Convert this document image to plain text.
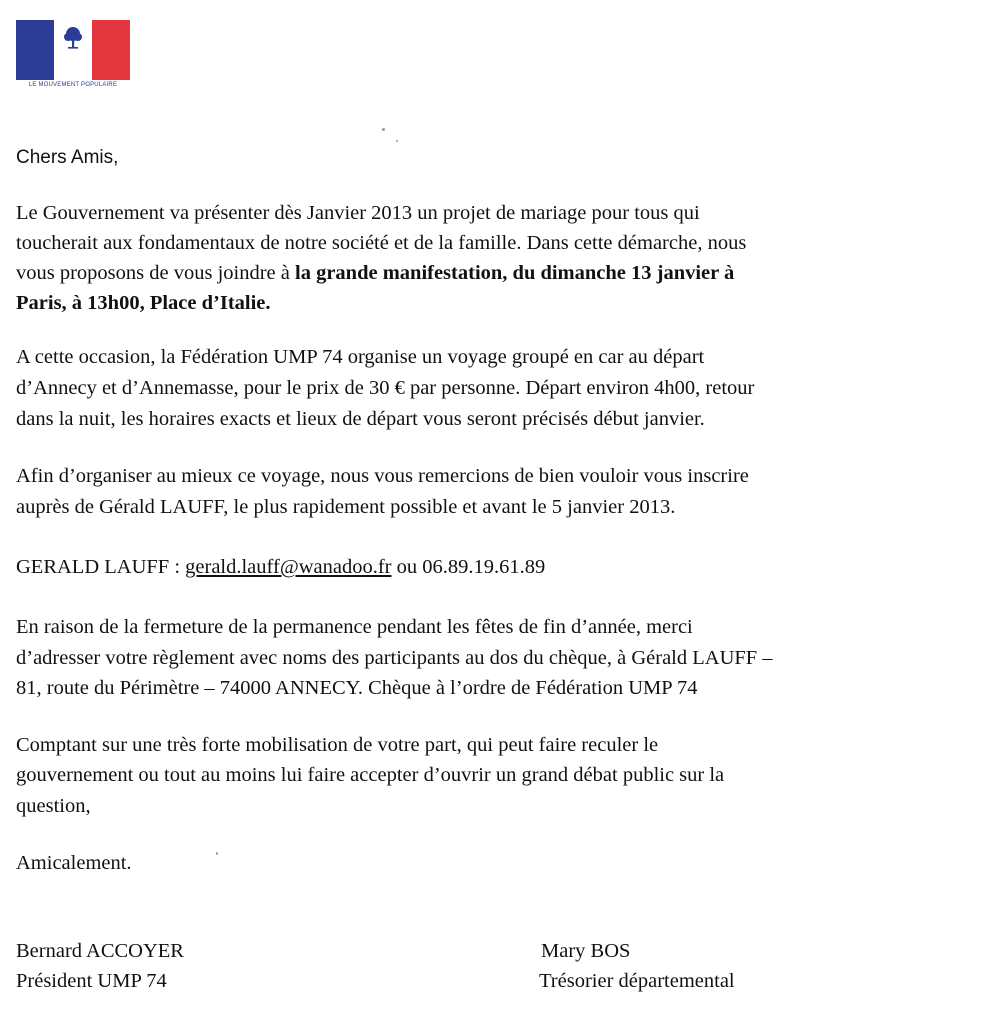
UMP
LE MOUVEMENT POPULAIRE
Chers Amis,
Le Gouvernement va présenter dès Janvier 2013 un projet de mariage pour tous qui
toucherait aux fondamentaux de notre société et de la famille. Dans cette démarche, nous
vous proposons de vous joindre à la grande manifestation, du dimanche 13 janvier à
Paris, à 13h00, Place d’Italie.
A cette occasion, la Fédération UMP 74 organise un voyage groupé en car au départ
d’Annecy et d’Annemasse, pour le prix de 30 € par personne. Départ environ 4h00, retour
dans la nuit, les horaires exacts et lieux de départ vous seront précisés début janvier.
Afin d’organiser au mieux ce voyage, nous vous remercions de bien vouloir vous inscrire
auprès de Gérald LAUFF, le plus rapidement possible et avant le 5 janvier 2013.
GERALD LAUFF : gerald.lauff@wanadoo.fr ou 06.89.19.61.89
En raison de la fermeture de la permanence pendant les fêtes de fin d’année, merci
d’adresser votre règlement avec noms des participants au dos du chèque, à Gérald LAUFF –
81, route du Périmètre – 74000 ANNECY. Chèque à l’ordre de Fédération UMP 74
Comptant sur une très forte mobilisation de votre part, qui peut faire reculer le
gouvernement ou tout au moins lui faire accepter d’ouvrir un grand débat public sur la
question,
Amicalement.
Bernard ACCOYER
Président UMP 74
Mary BOS
Trésorier départemental
